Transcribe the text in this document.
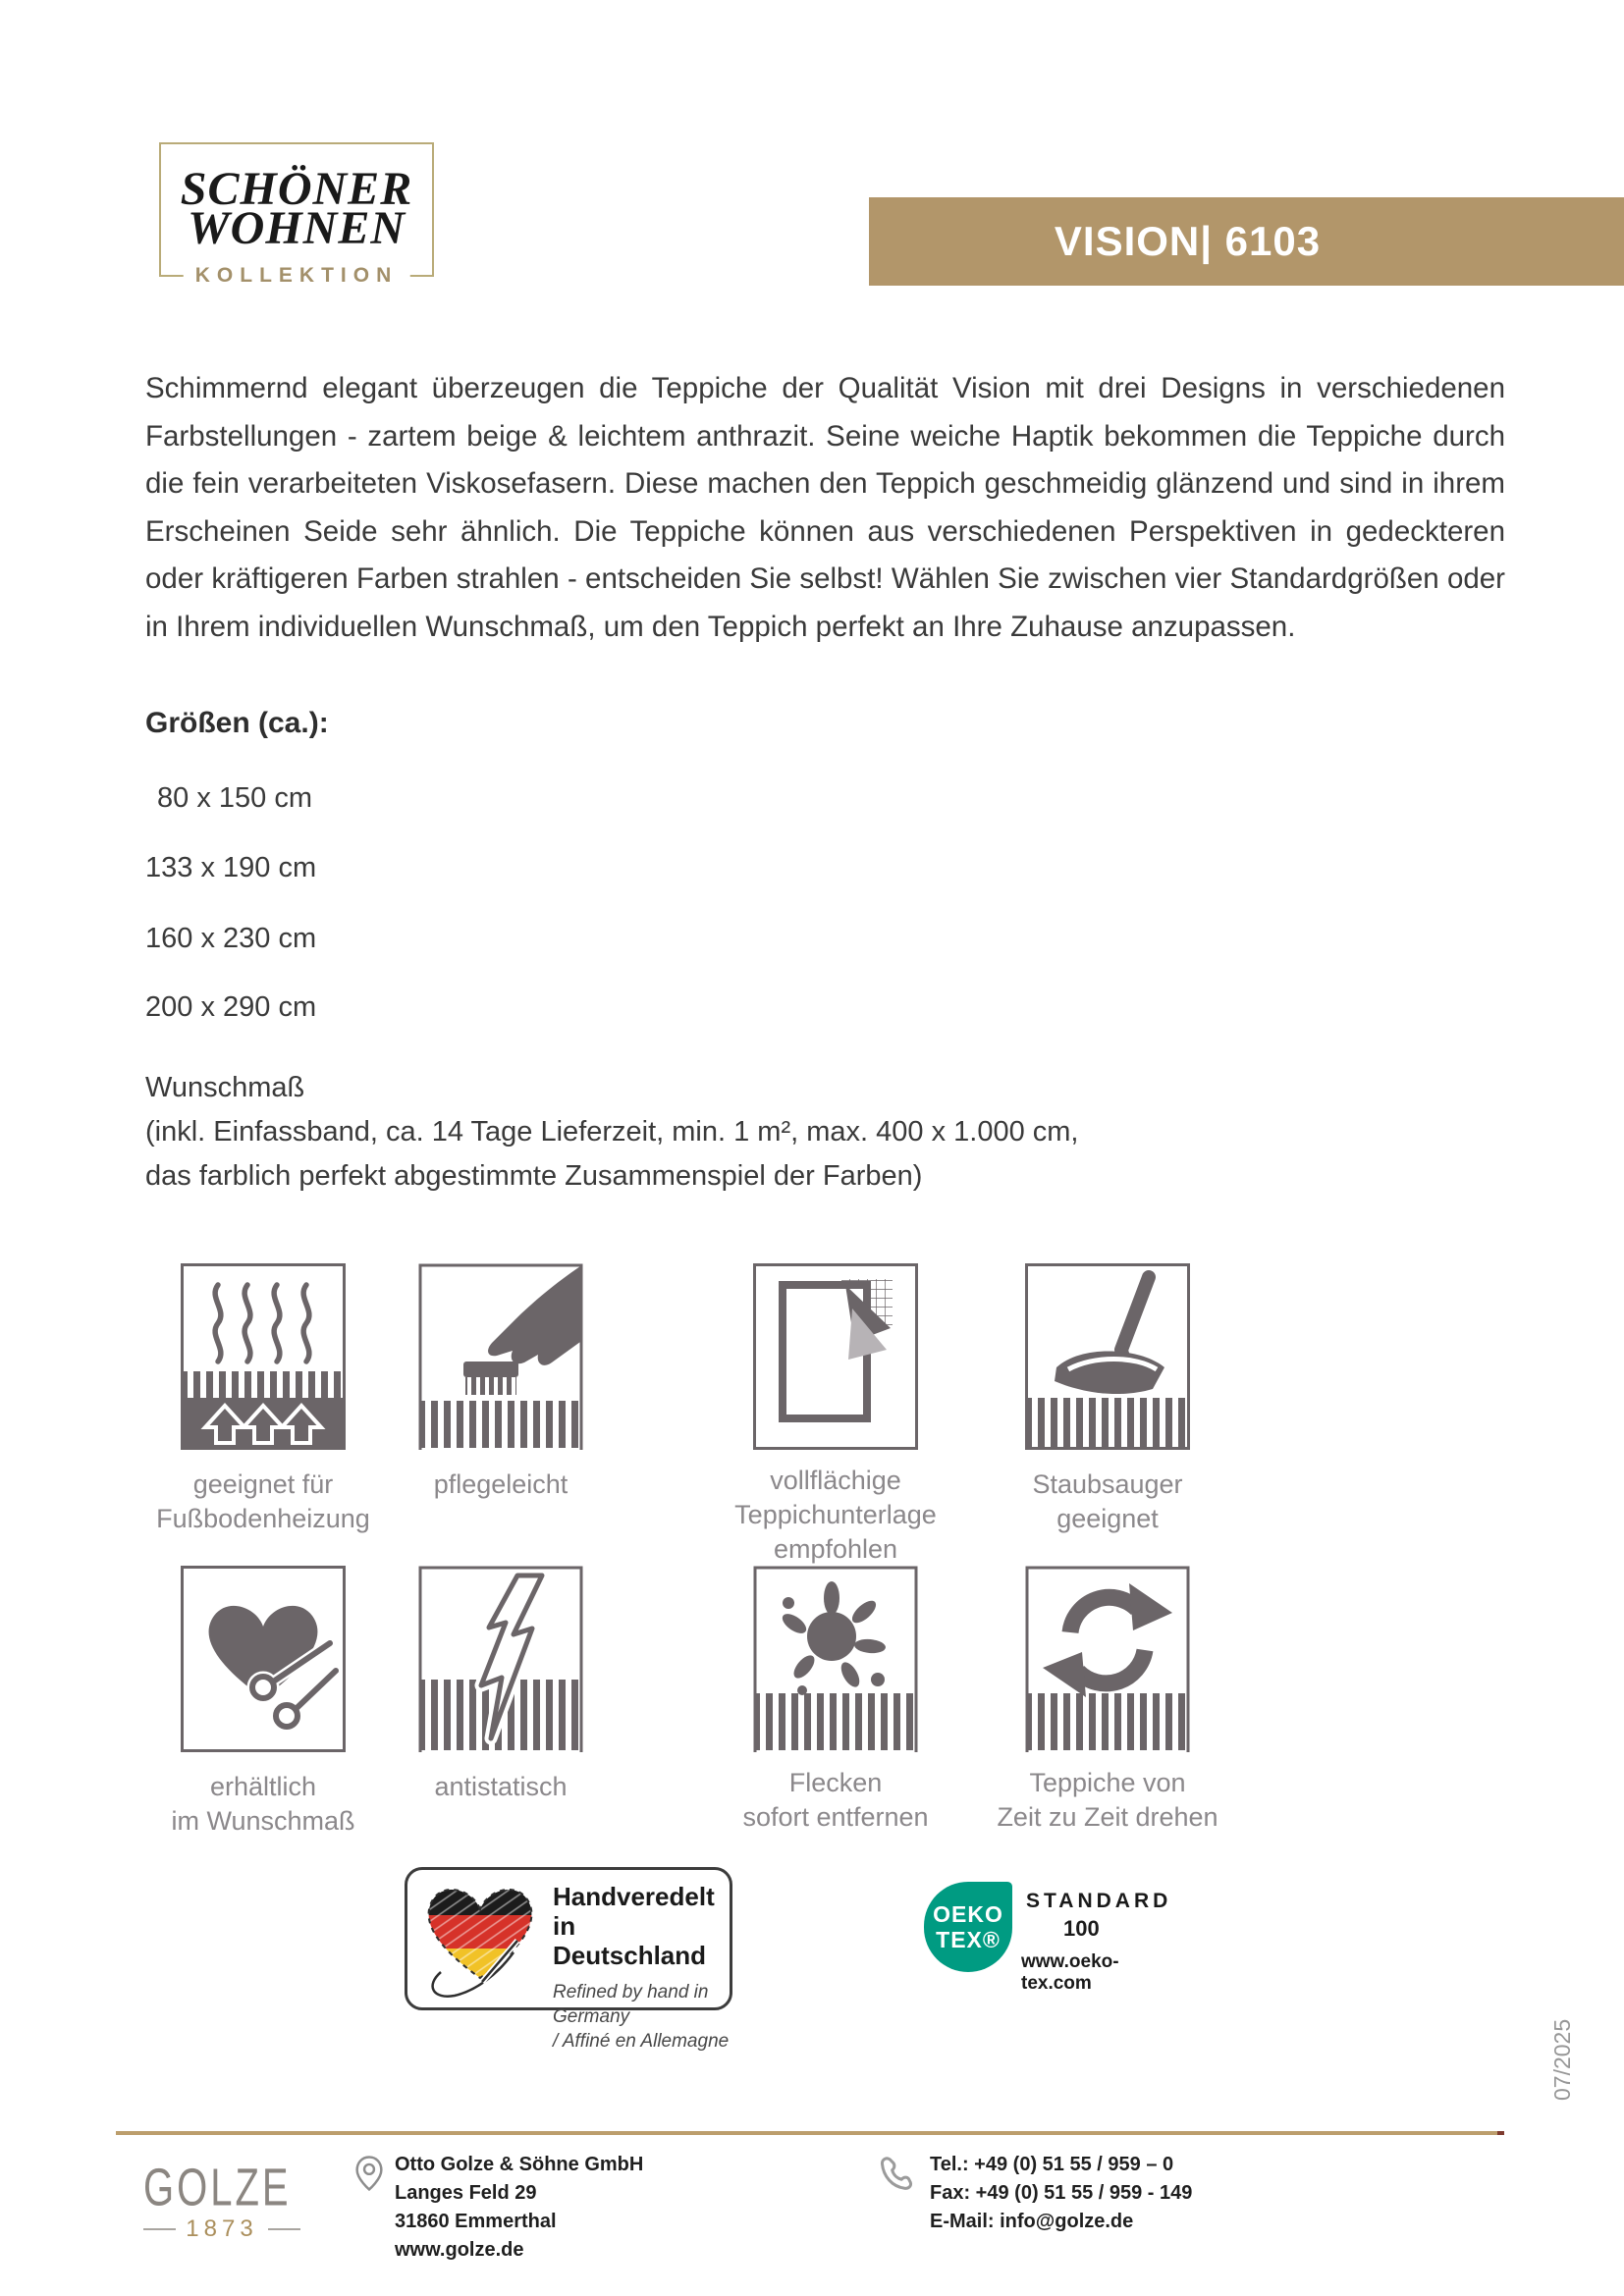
SCHÖNER
WOHNEN
KOLLEKTION
VISION| 6103
Schimmernd elegant überzeugen die Teppiche der Qualität Vision mit drei Designs in verschiedenen Farbstellungen - zartem beige & leichtem anthrazit. Seine weiche Haptik bekommen die Teppiche durch die fein verarbeiteten Viskosefasern. Diese machen den Teppich geschmeidig glänzend und sind in ihrem Erscheinen Seide sehr ähnlich. Die Teppiche können aus verschiedenen Perspektiven in gedeckteren oder kräftigeren Farben strahlen - entscheiden Sie selbst! Wählen Sie zwischen vier Standardgrößen oder in Ihrem individuellen Wunschmaß, um den Teppich perfekt an Ihre Zuhause anzupassen.
Größen (ca.):
80 x 150 cm
133 x 190 cm
160 x 230 cm
200 x 290 cm
Wunschmaß
(inkl. Einfassband, ca. 14 Tage Lieferzeit, min. 1 m², max. 400 x 1.000 cm,
das farblich perfekt abgestimmte Zusammenspiel der Farben)
geeignet für
Fußbodenheizung
pflegeleicht	vollflächige
Teppichunterlage
empfohlen
Staubsauger
geeignet
erhältlich
im Wunschmaß
antistatisch	Flecken
sofort entfernen
Teppiche von
Zeit zu Zeit drehen
Handveredelt
in Deutschland
Refined by hand in Germany
/ Affiné en Allemagne
OEKO
TEX®
STANDARD
100
www.oeko-tex.com
07/2025
GOLZE
1873
Otto Golze & Söhne GmbH
Langes Feld 29
31860 Emmerthal
www.golze.de
Tel.: +49 (0) 51 55 / 959 – 0
Fax: +49 (0) 51 55 / 959 - 149
E-Mail: info@golze.de
